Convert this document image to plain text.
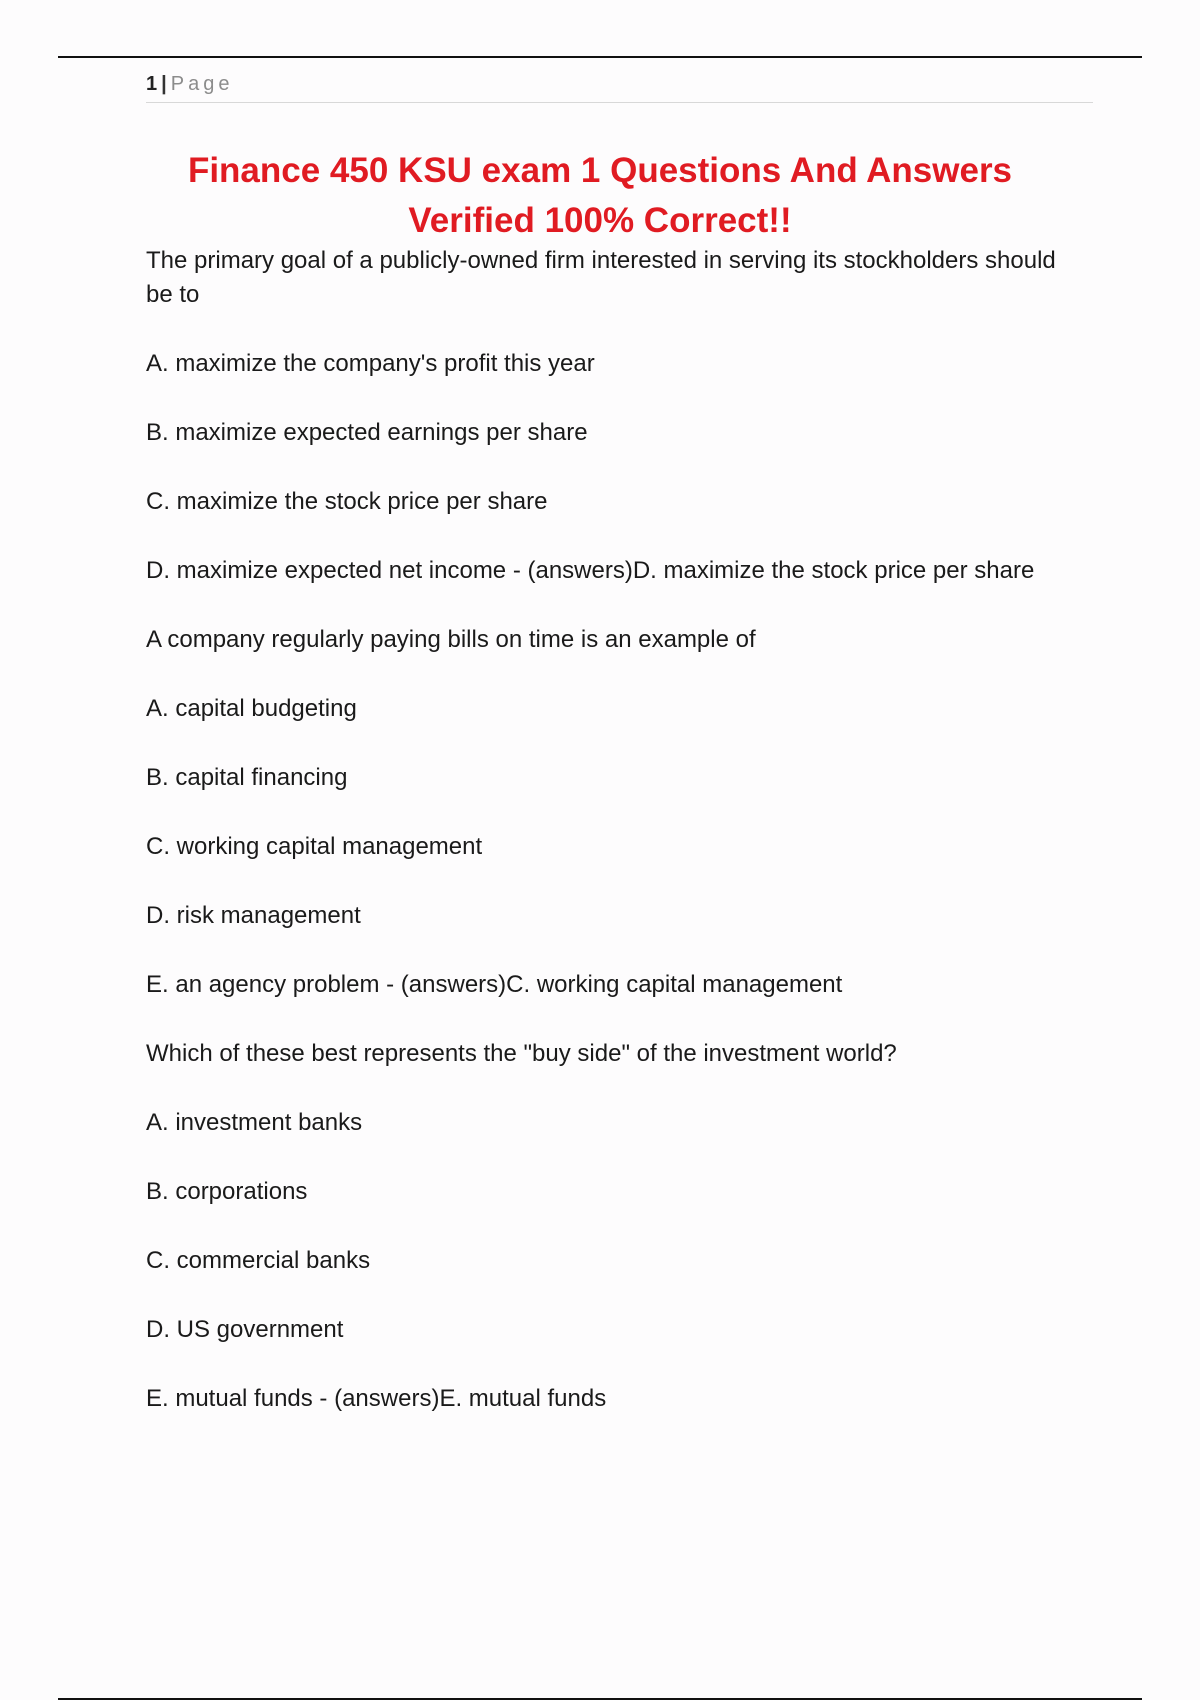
1 | Page
Finance 450 KSU exam 1 Questions And Answers Verified 100% Correct!!

The primary goal of a publicly-owned firm interested in serving its stockholders should be to

A. maximize the company's profit this year

B. maximize expected earnings per share

C. maximize the stock price per share

D. maximize expected net income - (answers)D. maximize the stock price per share

A company regularly paying bills on time is an example of

A. capital budgeting

B. capital financing

C. working capital management

D. risk management

E. an agency problem - (answers)C. working capital management

Which of these best represents the "buy side" of the investment world?

A. investment banks

B. corporations

C. commercial banks

D. US government

E. mutual funds - (answers)E. mutual funds
